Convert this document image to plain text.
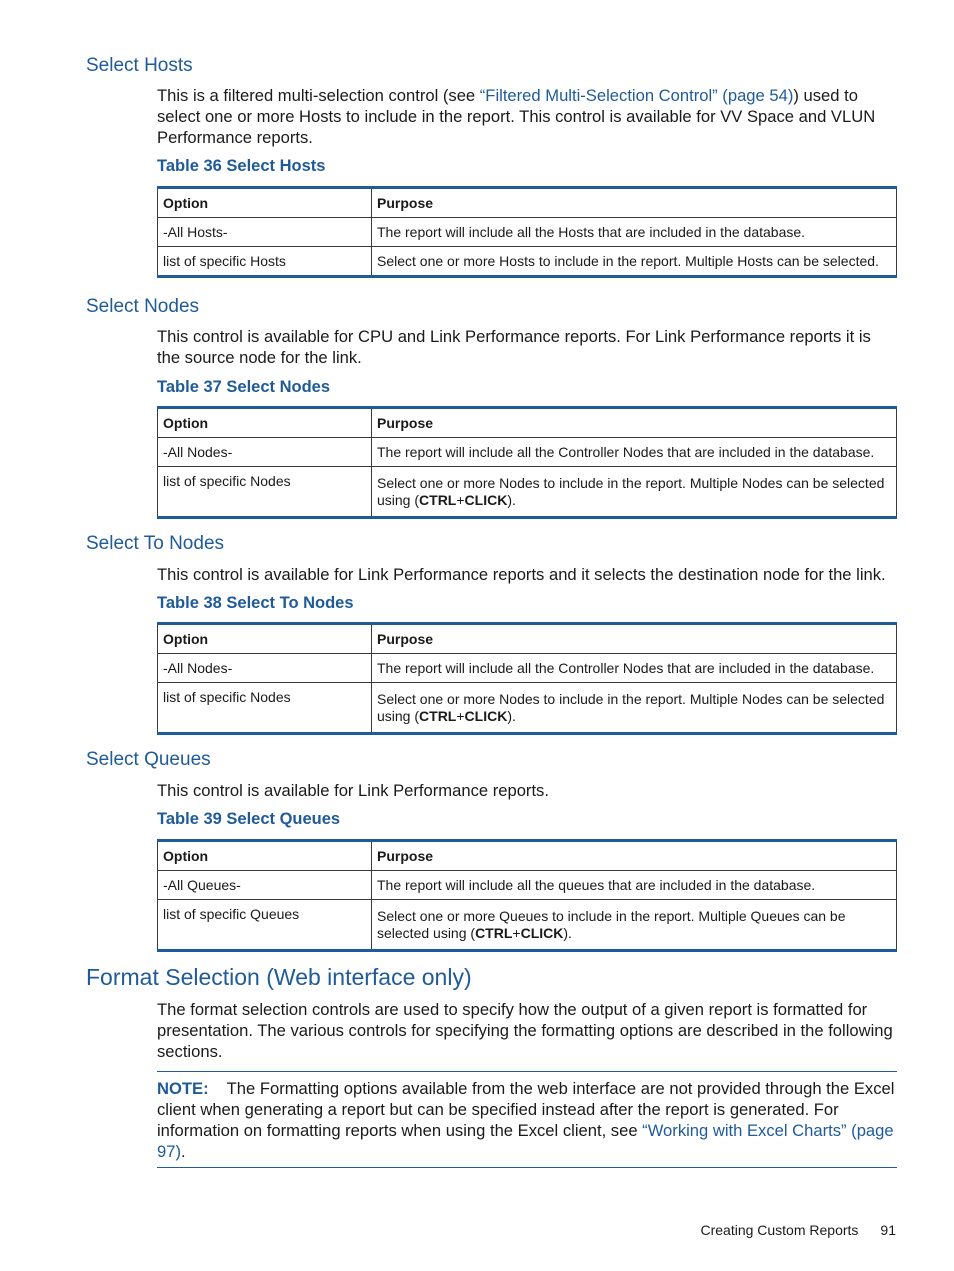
Select Hosts

This is a filtered multi-selection control (see “Filtered Multi-Selection Control” (page 54)) used to select one or more Hosts to include in the report. This control is available for VV Space and VLUN Performance reports.

Table 36 Select Hosts

Option	Purpose
-All Hosts-	The report will include all the Hosts that are included in the database.
list of specific Hosts	Select one or more Hosts to include in the report. Multiple Hosts can be selected.
Select Nodes

This control is available for CPU and Link Performance reports. For Link Performance reports it is the source node for the link.

Table 37 Select Nodes

Option	Purpose
-All Nodes-	The report will include all the Controller Nodes that are included in the database.
list of specific Nodes	Select one or more Nodes to include in the report. Multiple Nodes can be selected using (CTRL+CLICK).
Select To Nodes

This control is available for Link Performance reports and it selects the destination node for the link.

Table 38 Select To Nodes

Option	Purpose
-All Nodes-	The report will include all the Controller Nodes that are included in the database.
list of specific Nodes	Select one or more Nodes to include in the report. Multiple Nodes can be selected using (CTRL+CLICK).
Select Queues

This control is available for Link Performance reports.

Table 39 Select Queues

Option	Purpose
-All Queues-	The report will include all the queues that are included in the database.
list of specific Queues	Select one or more Queues to include in the report. Multiple Queues can be selected using (CTRL+CLICK).
Format Selection (Web interface only)

The format selection controls are used to specify how the output of a given report is formatted for presentation. The various controls for specifying the formatting options are described in the following sections.

NOTE: The Formatting options available from the web interface are not provided through the Excel client when generating a report but can be specified instead after the report is generated. For information on formatting reports when using the Excel client, see “Working with Excel Charts” (page 97).
Creating Custom Reports 91
